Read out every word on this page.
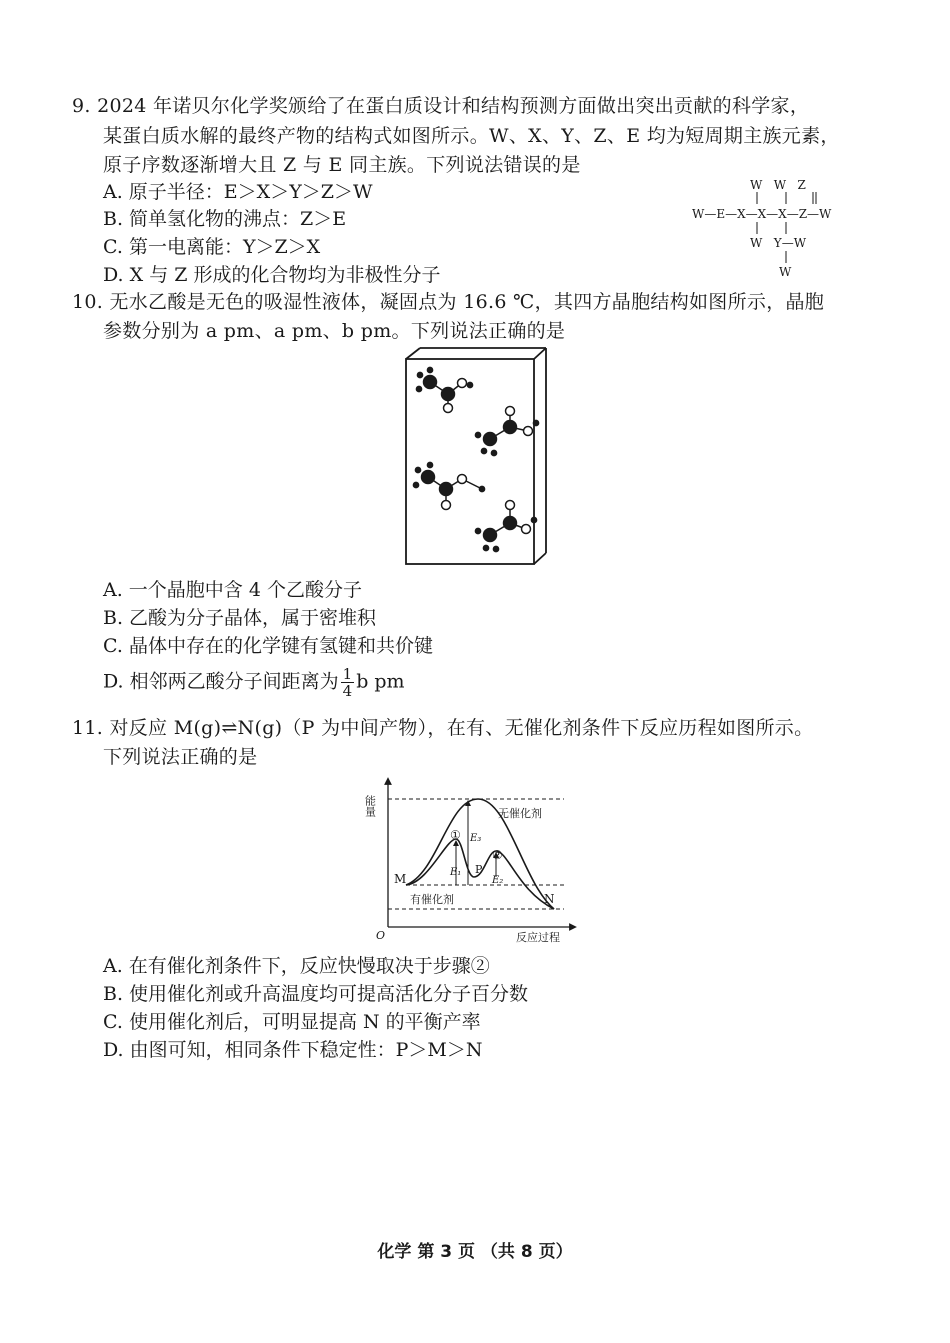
9. 2024 年诺贝尔化学奖颁给了在蛋白质设计和结构预测方面做出突出贡献的科学家，
某蛋白质水解的最终产物的结构式如图所示。W、X、Y、Z、E 均为短周期主族元素，
原子序数逐渐增大且 Z 与 E 同主族。下列说法错误的是
A. 原子半径：E＞X＞Y＞Z＞W
B. 简单氢化物的沸点：Z＞E
C. 第一电离能：Y＞Z＞X
D. X 与 Z 形成的化合物均为非极性分子
W   W   Z
W—E—X—X—X—Z—W
W   Y—W
W
10. 无水乙酸是无色的吸湿性液体，凝固点为 16.6 ℃，其四方晶胞结构如图所示，晶胞
参数分别为 a pm、a pm、b pm。下列说法正确的是
A. 一个晶胞中含 4 个乙酸分子
B. 乙酸为分子晶体，属于密堆积
C. 晶体中存在的化学键有氢键和共价键
D. 相邻两乙酸分子间距离为 $\frac{1}{4}$ b pm
11. 对反应 M(g)⇌N(g)（P 为中间产物），在有、无催化剂条件下反应历程如图所示。
下列说法正确的是
能量
反应过程
O
M
N
P
①
②
E₁
E₂
E₃
无催化剂
有催化剂
A. 在有催化剂条件下，反应快慢取决于步骤②
B. 使用催化剂或升高温度均可提高活化分子百分数
C. 使用催化剂后，可明显提高 N 的平衡产率
D. 由图可知，相同条件下稳定性：P＞M＞N
化学 第 3 页 （共 8 页）
